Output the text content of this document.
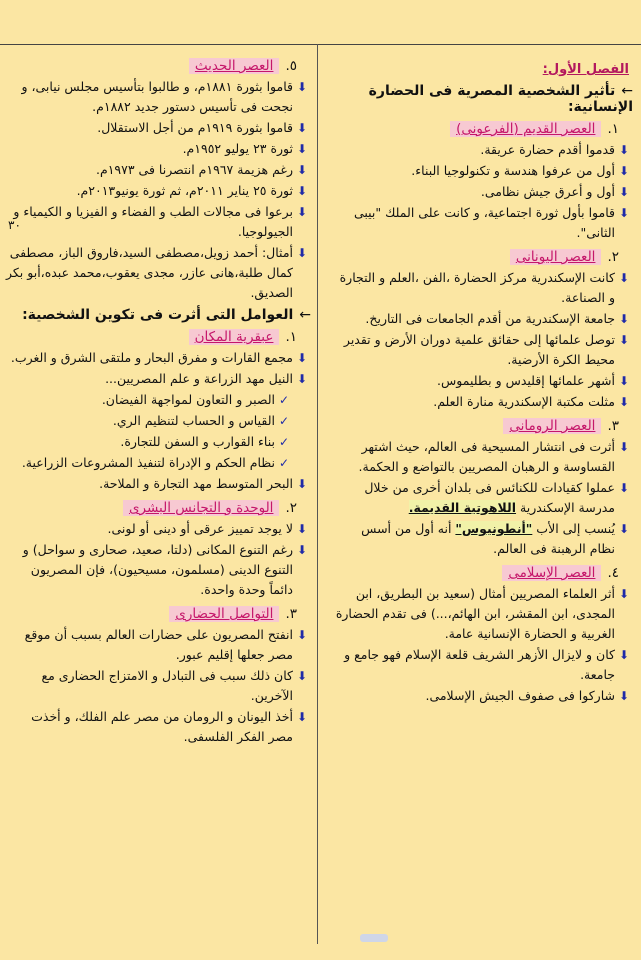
٣٠
الفصل الأول:
←تأثير الشخصية المصرية فى الحضارة الإنسانية:
١.العصر القديم (الفرعونى)
⬇
قدموا أقدم حضارة عريقة.
⬇
أول من عرفوا هندسة و تكنولوجيا البناء.
⬇
أول و أعرق جيش نظامى.
⬇
قاموا بأول ثورة اجتماعية، و كانت على الملك "بيبى الثانى".
٢.العصر اليونانى
⬇
كانت الإسكندرية مركز الحضارة ،الفن ،العلم و التجارة و الصناعة.
⬇
جامعة الإسكندرية من أقدم الجامعات فى التاريخ.
⬇
توصل علمائها إلى حقائق علمية دوران الأرض و تقدير محيط الكرة الأرضية.
⬇
أشهر علمائها إقليدس و بطليموس.
⬇
مثلت مكتبة الإسكندرية منارة العلم.
٣.العصر الرومانى
⬇
أثرت فى انتشار المسيحية فى العالم، حيث اشتهر القساوسة و الرهبان المصريين بالتواضع و الحكمة.
⬇
عملوا كقيادات للكنائس فى بلدان أخرى من خلال مدرسة الإسكندرية اللاهوتية القديمة.
⬇
يُنسب إلى الأب "أنطونيوس" أنه أول من أسس نظام الرهبنة فى العالم.
٤.العصر الإسلامى
⬇
أثر العلماء المصريين أمثال (سعيد بن البطريق، ابن المجدى، ابن المقشر، ابن الهائم،...) فى تقدم الحضارة الغربية و الحضارة الإنسانية عامة.
⬇
كان و لايزال الأزهر الشريف قلعة الإسلام فهو جامع و جامعة.
⬇
شاركوا فى صفوف الجيش الإسلامى.
٥.العصر الحديث
⬇
قاموا بثورة ١٨٨١م، و طالبوا بتأسيس مجلس نيابى، و نجحت فى تأسيس دستور جديد ١٨٨٢م.
⬇
قاموا بثورة ١٩١٩م من أجل الاستقلال.
⬇
ثورة ٢٣ يوليو ١٩٥٢م.
⬇
رغم هزيمة ١٩٦٧م انتصرنا فى ١٩٧٣م.
⬇
ثورة ٢٥ يناير ٢٠١١م، ثم ثورة يونيو٢٠١٣م.
⬇
برعوا فى مجالات الطب و الفضاء و الفيزيا و الكيمياء و الجيولوجيا.
⬇
أمثال: أحمد زويل،مصطفى السيد،فاروق الباز، مصطفى كمال طلبة،هانى عازر، مجدى يعقوب،محمد عبده،أبو بكر الصديق.
←العوامل التى أثرت فى تكوين الشخصية:
١.عبقرية المكان
⬇
مجمع القارات و مفرق البحار و ملتقى الشرق و الغرب.
⬇
النيل مهد الزراعة و علم المصريين...
✓
الصبر و التعاون لمواجهة الفيضان.
✓
القياس و الحساب لتنظيم الري.
✓
بناء القوارب و السفن للتجارة.
✓
نظام الحكم و الإدراة لتنفيذ المشروعات الزراعية.
⬇
البحر المتوسط مهد التجارة و الملاحة.
٢.الوحدة و التجانس البشرى
⬇
لا يوجد تمييز عرقى أو دينى أو لونى.
⬇
رغم التنوع المكانى (دلتا، صعيد، صحارى و سواحل) و التنوع الدينى (مسلمون، مسيحيون)، فإن المصريون دائماً وحدة واحدة.
٣.التواصل الحضارى
⬇
انفتح المصريون على حضارات العالم بسبب أن موقع مصر جعلها إقليم عبور.
⬇
كان ذلك سبب فى التبادل و الامتزاج الحضارى مع الآخرين.
⬇
أخذ اليونان و الرومان من مصر علم الفلك، و أخذت مصر الفكر الفلسفى.
